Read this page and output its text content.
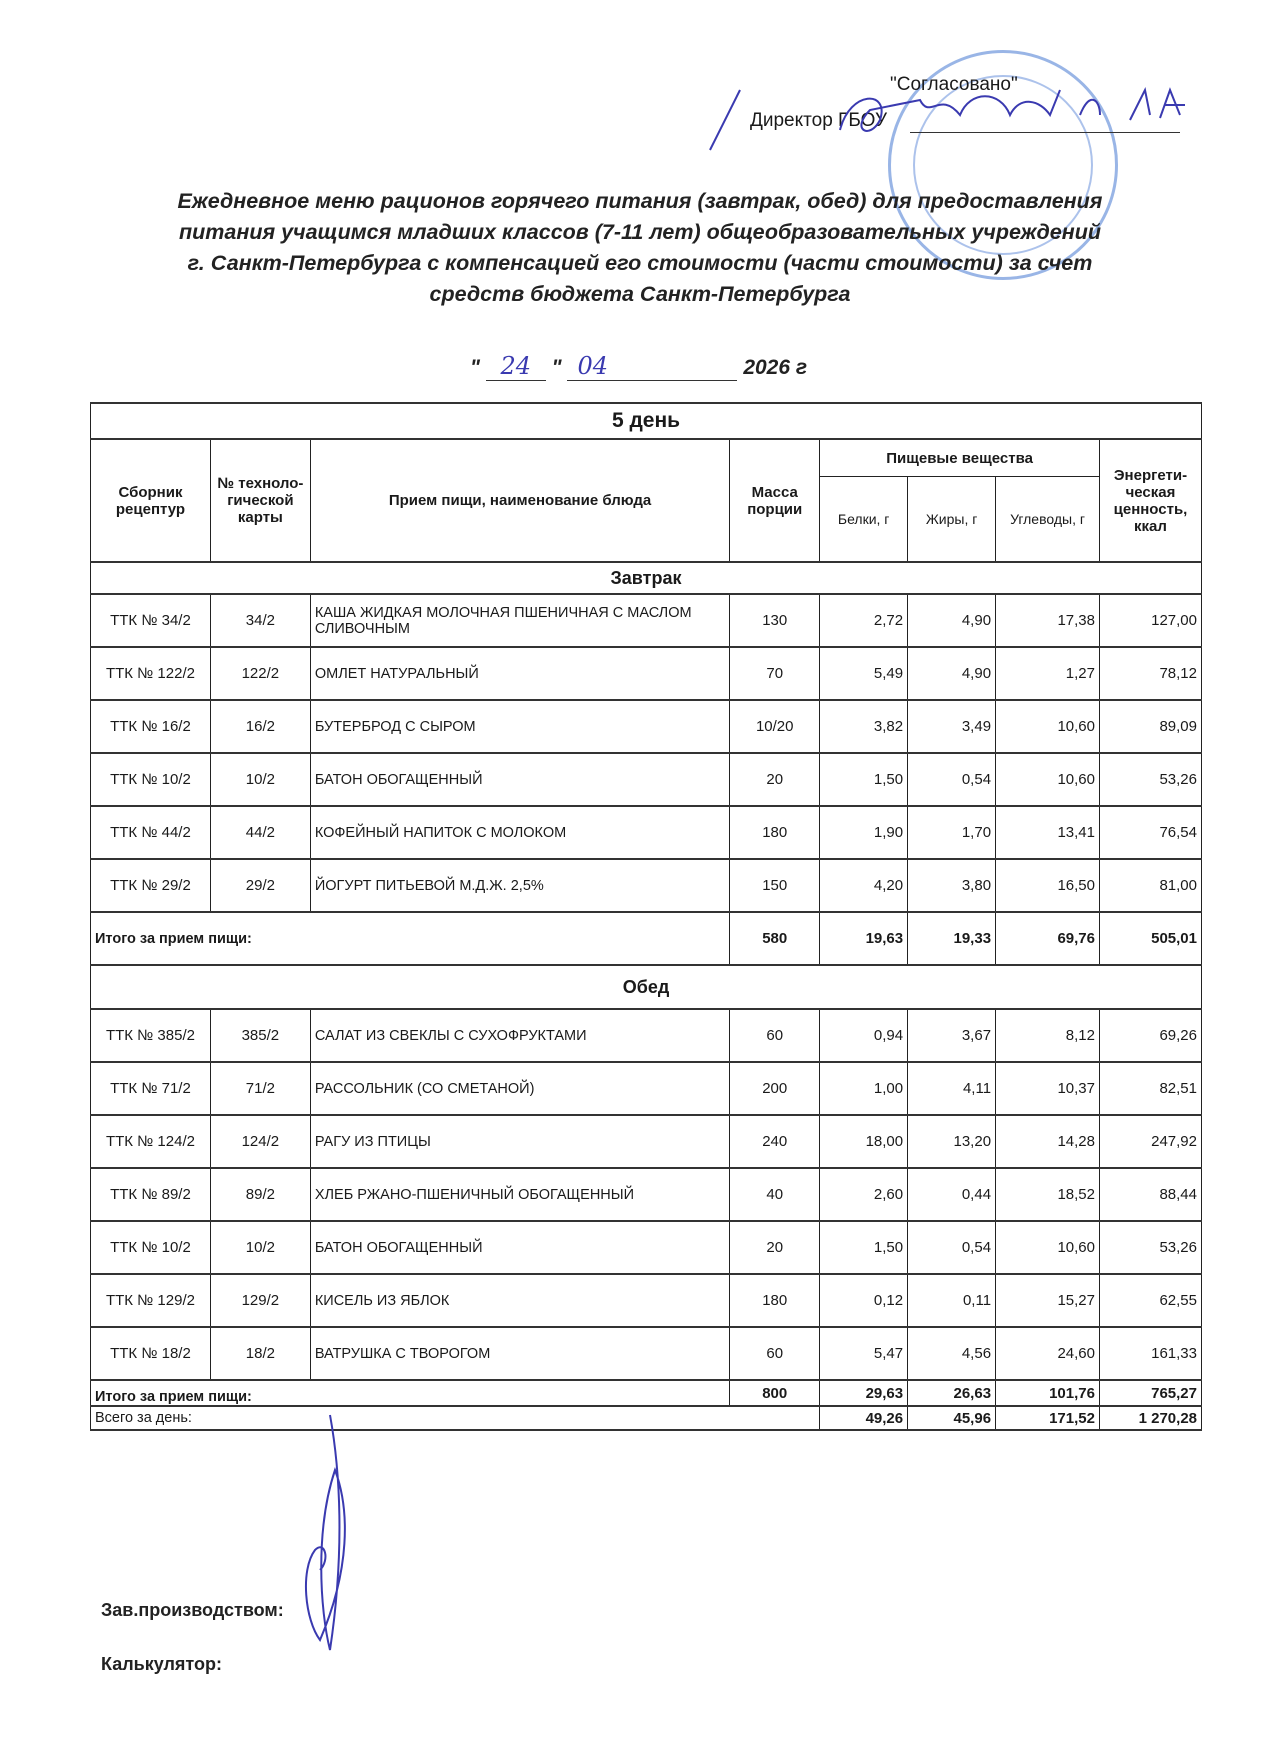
"Согласовано"
Директор ГБОУ
Ежедневное меню рационов горячего питания (завтрак, обед) для предоставления
питания учащимся младших классов (7-11 лет) общеобразовательных учреждений
г. Санкт-Петербурга с компенсацией его стоимости (части стоимости) за счет
средств бюджета Санкт-Петербурга
" 24 " 04	2026 г
5 день							
Сборник рецептур	№ техноло-гической карты	Прием пищи, наименование блюда	Масса порции	Пищевые вещества			Энергети-ческая ценность, ккал
				Белки, г	Жиры, г	Углеводы, г	
Завтрак							
ТТК № 34/2	34/2	КАША ЖИДКАЯ МОЛОЧНАЯ ПШЕНИЧНАЯ С МАСЛОМ СЛИВОЧНЫМ	130	2,72	4,90	17,38	127,00
ТТК № 122/2	122/2	ОМЛЕТ НАТУРАЛЬНЫЙ	70	5,49	4,90	1,27	78,12
ТТК № 16/2	16/2	БУТЕРБРОД С СЫРОМ	10/20	3,82	3,49	10,60	89,09
ТТК № 10/2	10/2	БАТОН ОБОГАЩЕННЫЙ	20	1,50	0,54	10,60	53,26
ТТК № 44/2	44/2	КОФЕЙНЫЙ НАПИТОК С МОЛОКОМ	180	1,90	1,70	13,41	76,54
ТТК № 29/2	29/2	ЙОГУРТ ПИТЬЕВОЙ М.Д.Ж. 2,5%	150	4,20	3,80	16,50	81,00
Итого за прием пищи:			580	19,63	19,33	69,76	505,01
Обед							
ТТК № 385/2	385/2	САЛАТ ИЗ СВЕКЛЫ С СУХОФРУКТАМИ	60	0,94	3,67	8,12	69,26
ТТК № 71/2	71/2	РАССОЛЬНИК (СО СМЕТАНОЙ)	200	1,00	4,11	10,37	82,51
ТТК № 124/2	124/2	РАГУ ИЗ ПТИЦЫ	240	18,00	13,20	14,28	247,92
ТТК № 89/2	89/2	ХЛЕБ РЖАНО-ПШЕНИЧНЫЙ ОБОГАЩЕННЫЙ	40	2,60	0,44	18,52	88,44
ТТК № 10/2	10/2	БАТОН ОБОГАЩЕННЫЙ	20	1,50	0,54	10,60	53,26
ТТК № 129/2	129/2	КИСЕЛЬ ИЗ ЯБЛОК	180	0,12	0,11	15,27	62,55
ТТК № 18/2	18/2	ВАТРУШКА С ТВОРОГОМ	60	5,47	4,56	24,60	161,33
Итого за прием пищи:			800	29,63	26,63	101,76	765,27
Всего за день:				49,26	45,96	171,52	1 270,28
Зав.производством:
Калькулятор:
